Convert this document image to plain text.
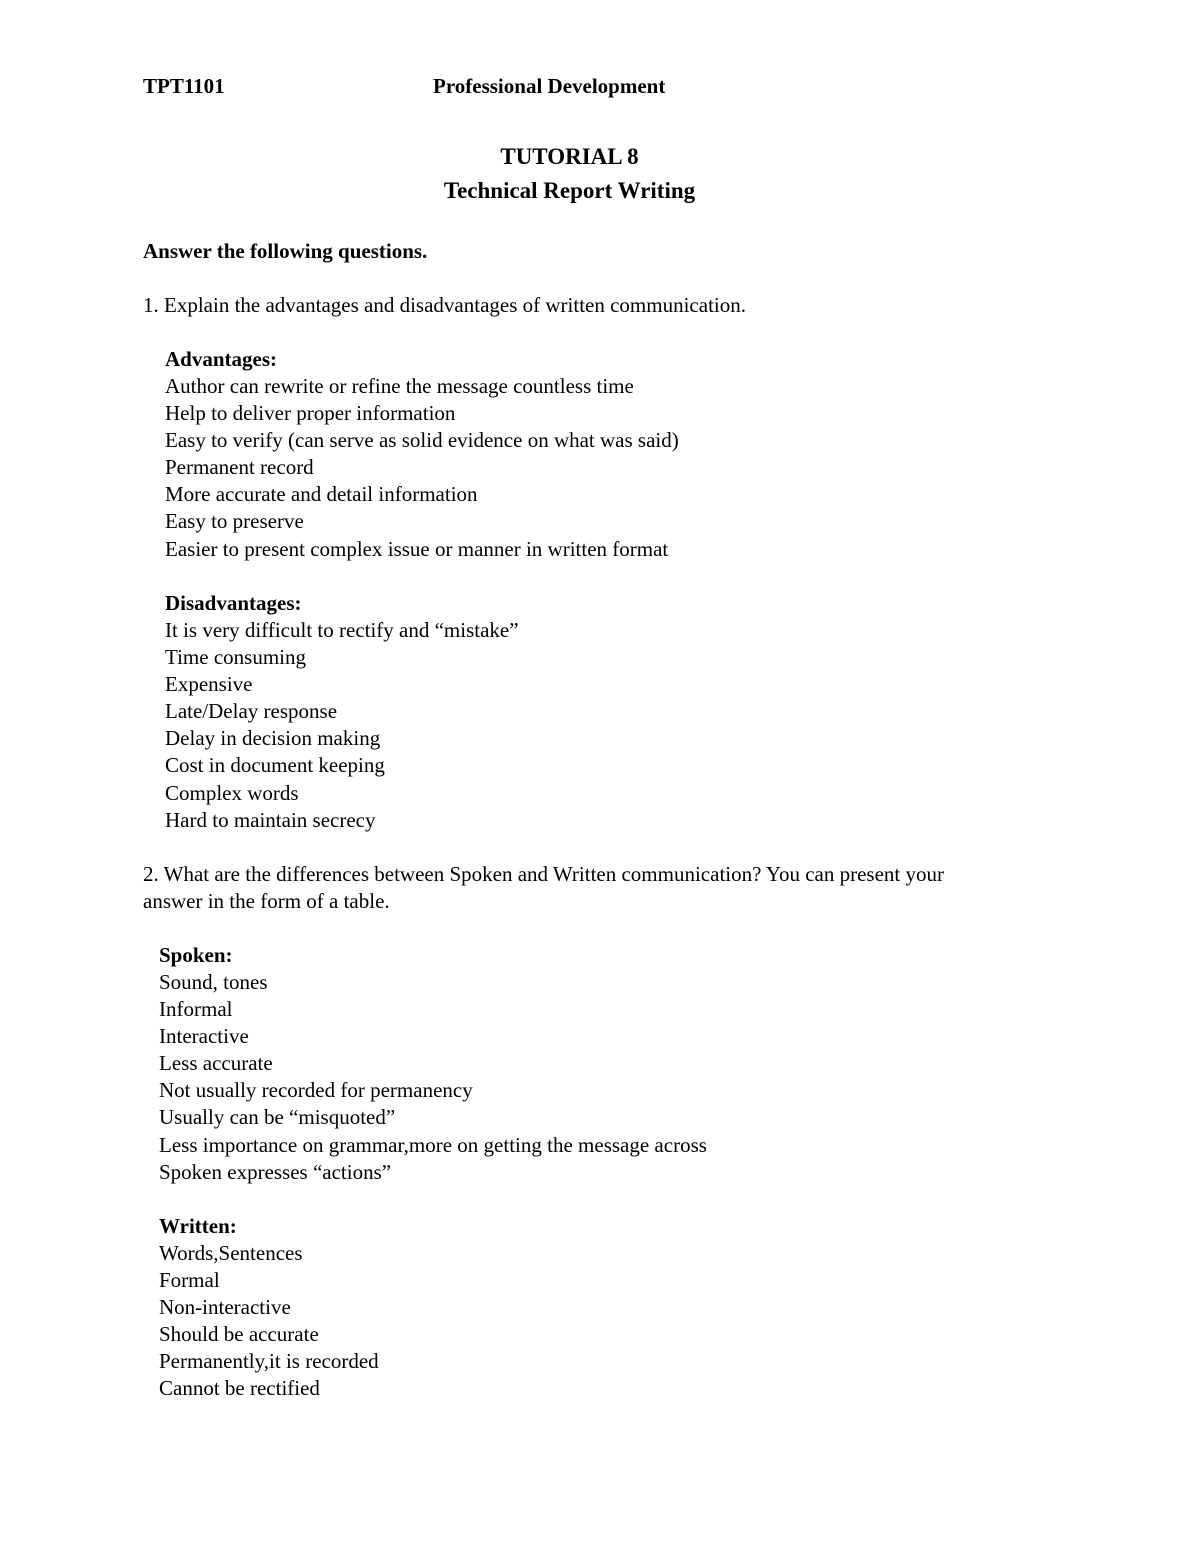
TPT1101	Professional Development
TUTORIAL 8
Technical Report Writing
Answer the following questions.
1. Explain the advantages and disadvantages of written communication.
Advantages:
Author can rewrite or refine the message countless time
Help to deliver proper information
Easy to verify (can serve as solid evidence on what was said)
Permanent record
More accurate and detail information
Easy to preserve
Easier to present complex issue or manner in written format
Disadvantages:
It is very difficult to rectify and “mistake”
Time consuming
Expensive
Late/Delay response
Delay in decision making
Cost in document keeping
Complex words
Hard to maintain secrecy
2. What are the differences between Spoken and Written communication? You can present your
answer in the form of a table.
Spoken:
Sound, tones
Informal
Interactive
Less accurate
Not usually recorded for permanency
Usually can be “misquoted”
Less importance on grammar,more on getting the message across
Spoken expresses “actions”
Written:
Words,Sentences
Formal
Non-interactive
Should be accurate
Permanently,it is recorded
Cannot be rectified
